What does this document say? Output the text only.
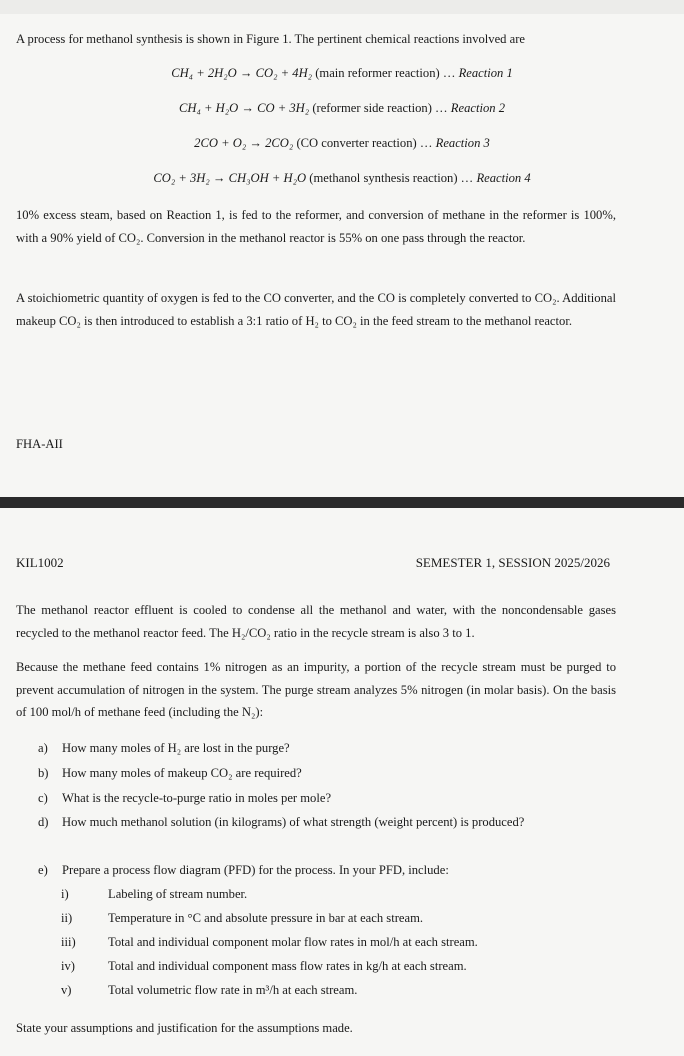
A process for methanol synthesis is shown in Figure 1. The pertinent chemical reactions involved are

CH₄ + 2H₂O → CO₂ + 4H₂ (main reformer reaction) … Reaction 1
CH₄ + H₂O → CO + 3H₂ (reformer side reaction) … Reaction 2
2CO + O₂ → 2CO₂ (CO converter reaction) … Reaction 3
CO₂ + 3H₂ → CH₃OH + H₂O (methanol synthesis reaction) … Reaction 4

10% excess steam, based on Reaction 1, is fed to the reformer, and conversion of methane in the reformer is 100%, with a 90% yield of CO₂. Conversion in the methanol reactor is 55% on one pass through the reactor.

A stoichiometric quantity of oxygen is fed to the CO converter, and the CO is completely converted to CO₂. Additional makeup CO₂ is then introduced to establish a 3:1 ratio of H₂ to CO₂ in the feed stream to the methanol reactor.

FHA-AII
KIL1002	SEMESTER 1, SESSION 2025/2026

The methanol reactor effluent is cooled to condense all the methanol and water, with the noncondensable gases recycled to the methanol reactor feed. The H₂/CO₂ ratio in the recycle stream is also 3 to 1.

Because the methane feed contains 1% nitrogen as an impurity, a portion of the recycle stream must be purged to prevent accumulation of nitrogen in the system. The purge stream analyzes 5% nitrogen (in molar basis). On the basis of 100 mol/h of methane feed (including the N₂):

a) How many moles of H₂ are lost in the purge?
b) How many moles of makeup CO₂ are required?
c) What is the recycle-to-purge ratio in moles per mole?
d) How much methanol solution (in kilograms) of what strength (weight percent) is produced?
e) Prepare a process flow diagram (PFD) for the process. In your PFD, include:
i)	Labeling of stream number.
ii)	Temperature in °C and absolute pressure in bar at each stream.
iii)	Total and individual component molar flow rates in mol/h at each stream.
iv)	Total and individual component mass flow rates in kg/h at each stream.
v)	Total volumetric flow rate in m³/h at each stream.
State your assumptions and justification for the assumptions made.
